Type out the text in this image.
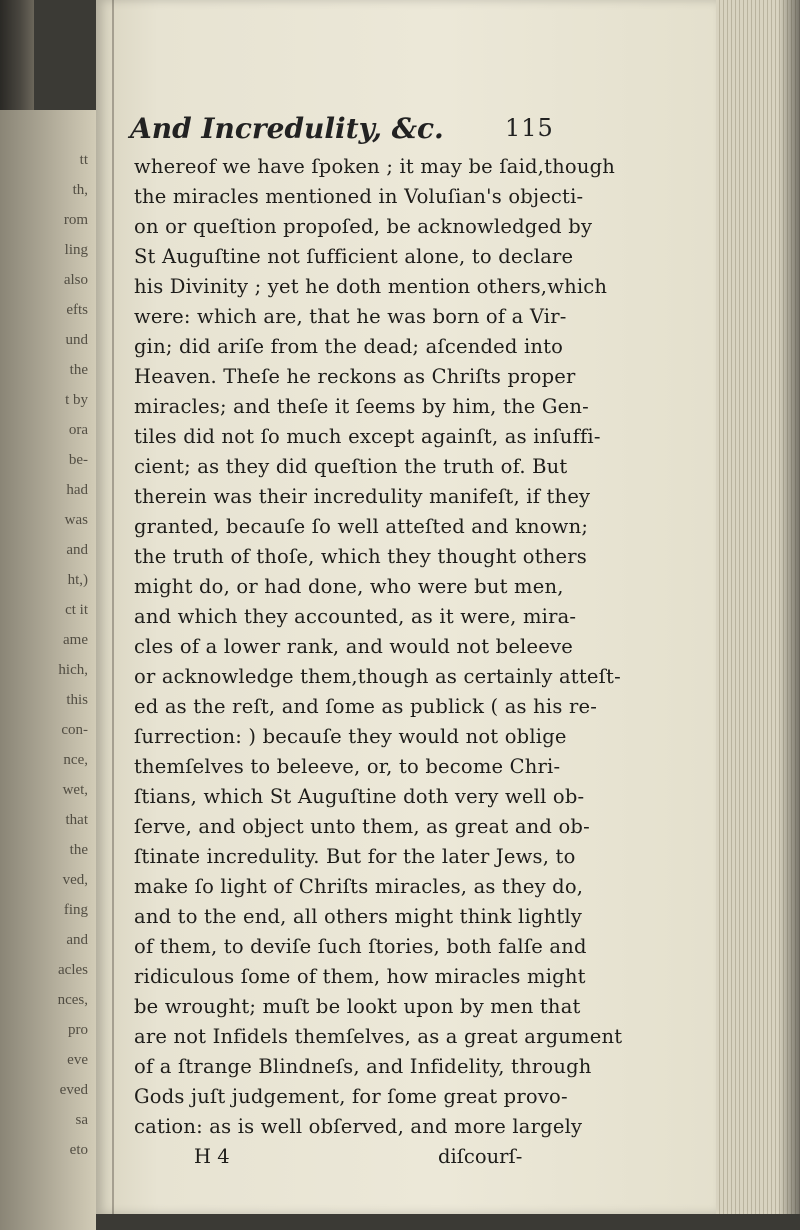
tt
th,
rom
ling
also
efts
und
the
t by
ora
be-
had
was
and
ht,)
ct it
ame
hich,
this
con-
nce,
wet,
that
the
ved,
fing
and
acles
nces,
pro
eve
eved
sa
eto
And Incredulity, &c.	115
whereof we have ſpoken ; it may be ſaid,though
the miracles mentioned in Voluſian's objecti-
on or queſtion propoſed, be acknowledged by
St Auguſtine not ſufficient alone, to declare
his Divinity ; yet he doth mention others,which
were: which are, that he was born of a Vir-
gin; did ariſe from the dead; aſcended into
Heaven. Theſe he reckons as Chriſts proper
miracles; and theſe it ſeems by him, the Gen-
tiles did not ſo much except againſt, as inſuffi-
cient; as they did queſtion the truth of. But
therein was their incredulity manifeſt, if they
granted, becauſe ſo well atteſted and known;
the truth of thoſe, which they thought others
might do, or had done, who were but men,
and which they accounted, as it were, mira-
cles of a lower rank, and would not beleeve
or acknowledge them,though as certainly atteſt-
ed as the reſt, and ſome as publick ( as his re-
ſurrection: ) becauſe they would not oblige
themſelves to beleeve, or, to become Chri-
ſtians, which St Auguſtine doth very well ob-
ſerve, and object unto them, as great and ob-
ſtinate incredulity. But for the later Jews, to
make ſo light of Chriſts miracles, as they do,
and to the end, all others might think lightly
of them, to deviſe ſuch ſtories, both falſe and
ridiculous ſome of them, how miracles might
be wrought; muſt be lookt upon by men that
are not Infidels themſelves, as a great argument
of a ſtrange Blindneſs, and Infidelity, through
Gods juſt judgement, for ſome great provo-
cation: as is well obſerved, and more largely
H 4	diſcourſ-
